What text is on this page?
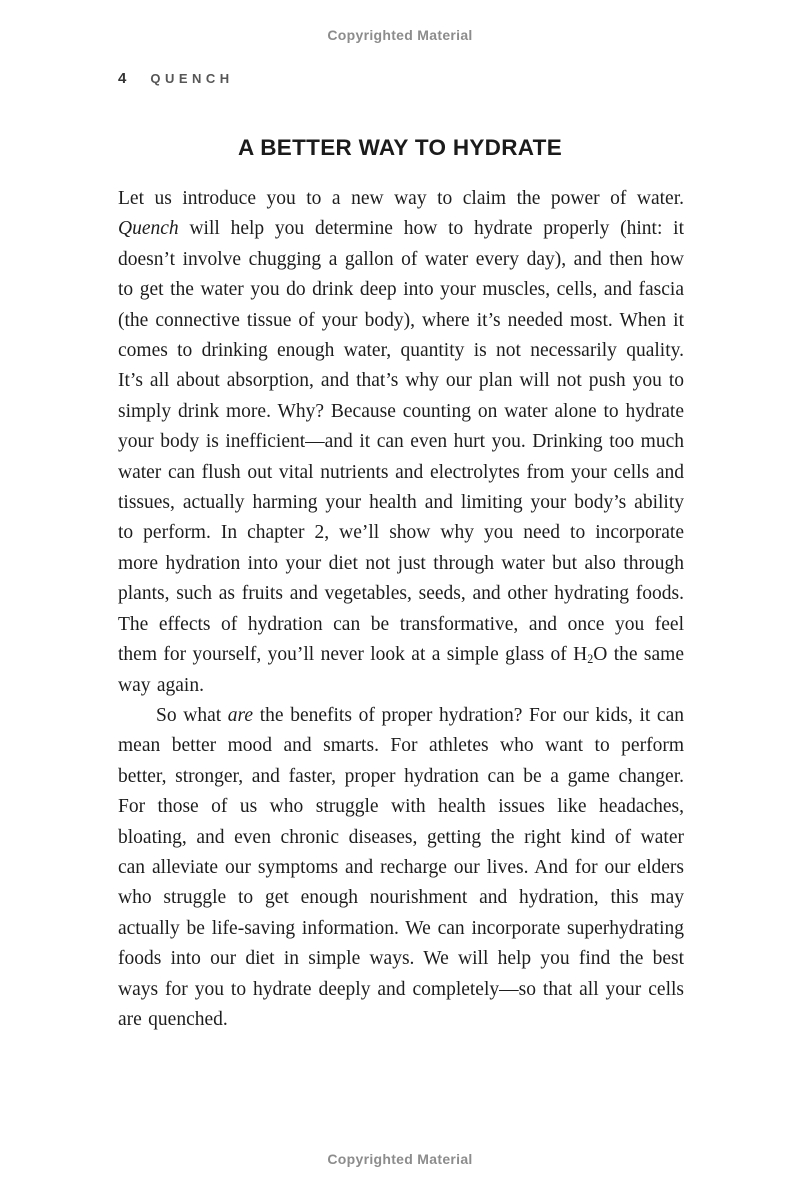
Copyrighted Material
4 QUENCH
A BETTER WAY TO HYDRATE

Let us introduce you to a new way to claim the power of water. Quench will help you determine how to hydrate properly (hint: it doesn’t involve chugging a gallon of water every day), and then how to get the water you do drink deep into your muscles, cells, and fascia (the connective tissue of your body), where it’s needed most. When it comes to drinking enough water, quantity is not necessarily quality. It’s all about absorption, and that’s why our plan will not push you to simply drink more. Why? Because counting on water alone to hydrate your body is inefficient—and it can even hurt you. Drinking too much water can flush out vital nutrients and electrolytes from your cells and tissues, actually harming your health and limiting your body’s ability to perform. In chapter 2, we’ll show why you need to incorporate more hydration into your diet not just through water but also through plants, such as fruits and vegetables, seeds, and other hydrating foods. The effects of hydration can be transformative, and once you feel them for yourself, you’ll never look at a simple glass of $H_2O$ the same way again.

So what are the benefits of proper hydration? For our kids, it can mean better mood and smarts. For athletes who want to perform better, stronger, and faster, proper hydration can be a game changer. For those of us who struggle with health issues like headaches, bloating, and even chronic diseases, getting the right kind of water can alleviate our symptoms and recharge our lives. And for our elders who struggle to get enough nourishment and hydration, this may actually be life-saving information. We can incorporate superhydrating foods into our diet in simple ways. We will help you find the best ways for you to hydrate deeply and completely—so that all your cells are quenched.

Copyrighted Material
